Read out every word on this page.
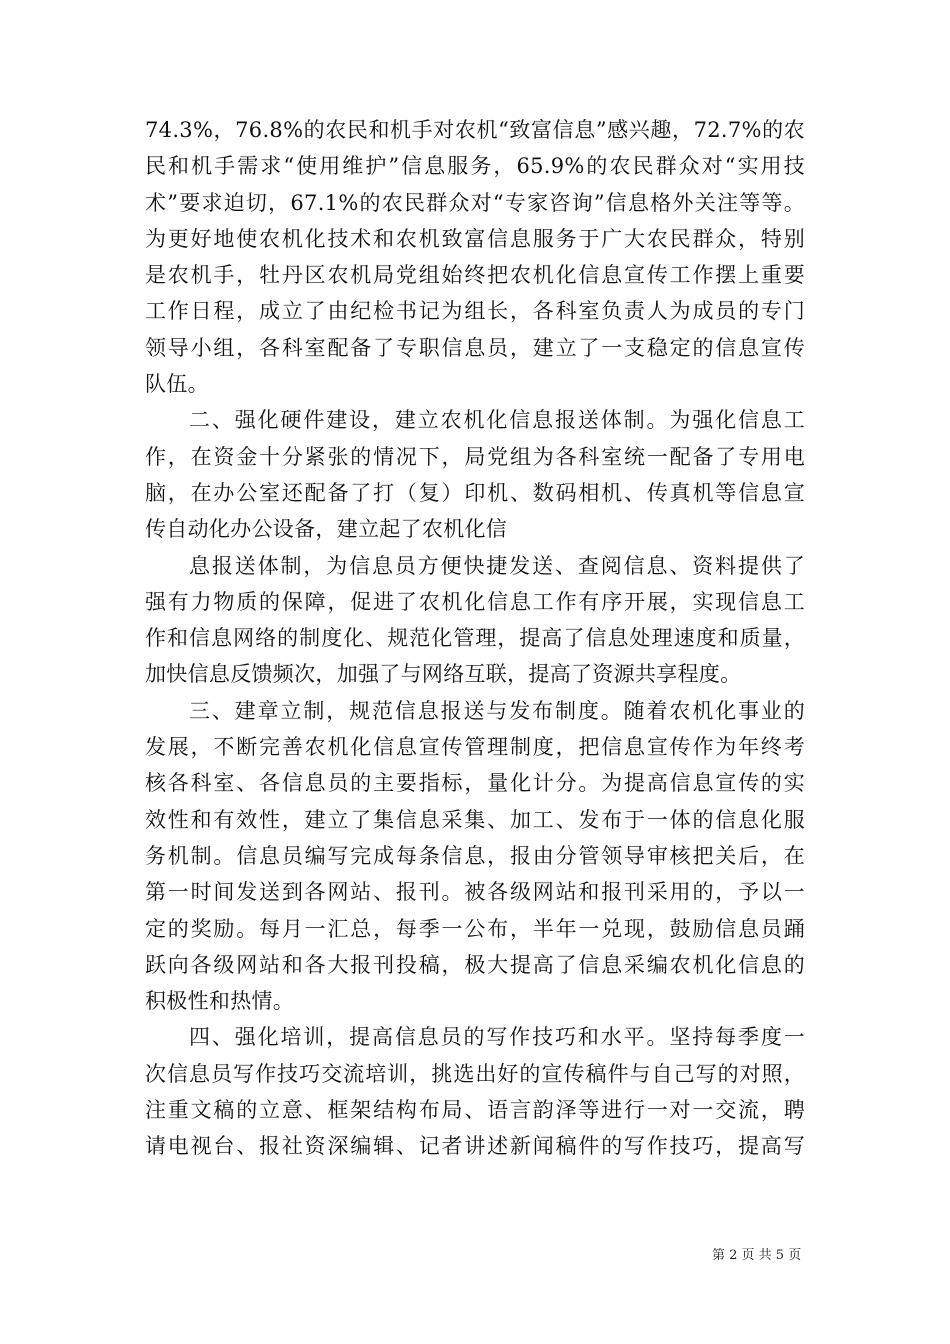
74.3%，76.8%的农民和机手对农机“致富信息”感兴趣，72.7%的农
民和机手需求“使用维护”信息服务，65.9%的农民群众对“实用技
术”要求迫切，67.1%的农民群众对“专家咨询”信息格外关注等等。
为更好地使农机化技术和农机致富信息服务于广大农民群众，特别
是农机手，牡丹区农机局党组始终把农机化信息宣传工作摆上重要
工作日程，成立了由纪检书记为组长，各科室负责人为成员的专门
领导小组，各科室配备了专职信息员，建立了一支稳定的信息宣传
队伍。
二、强化硬件建设，建立农机化信息报送体制。为强化信息工
作，在资金十分紧张的情况下，局党组为各科室统一配备了专用电
脑，在办公室还配备了打（复）印机、数码相机、传真机等信息宣
传自动化办公设备，建立起了农机化信
息报送体制，为信息员方便快捷发送、查阅信息、资料提供了
强有力物质的保障，促进了农机化信息工作有序开展，实现信息工
作和信息网络的制度化、规范化管理，提高了信息处理速度和质量，
加快信息反馈频次，加强了与网络互联，提高了资源共享程度。
三、建章立制，规范信息报送与发布制度。随着农机化事业的
发展，不断完善农机化信息宣传管理制度，把信息宣传作为年终考
核各科室、各信息员的主要指标，量化计分。为提高信息宣传的实
效性和有效性，建立了集信息采集、加工、发布于一体的信息化服
务机制。信息员编写完成每条信息，报由分管领导审核把关后，在
第一时间发送到各网站、报刊。被各级网站和报刊采用的，予以一
定的奖励。每月一汇总，每季一公布，半年一兑现，鼓励信息员踊
跃向各级网站和各大报刊投稿，极大提高了信息采编农机化信息的
积极性和热情。
四、强化培训，提高信息员的写作技巧和水平。坚持每季度一
次信息员写作技巧交流培训，挑选出好的宣传稿件与自己写的对照，
注重文稿的立意、框架结构布局、语言韵泽等进行一对一交流，聘
请电视台、报社资深编辑、记者讲述新闻稿件的写作技巧，提高写
第 2 页 共 5 页
